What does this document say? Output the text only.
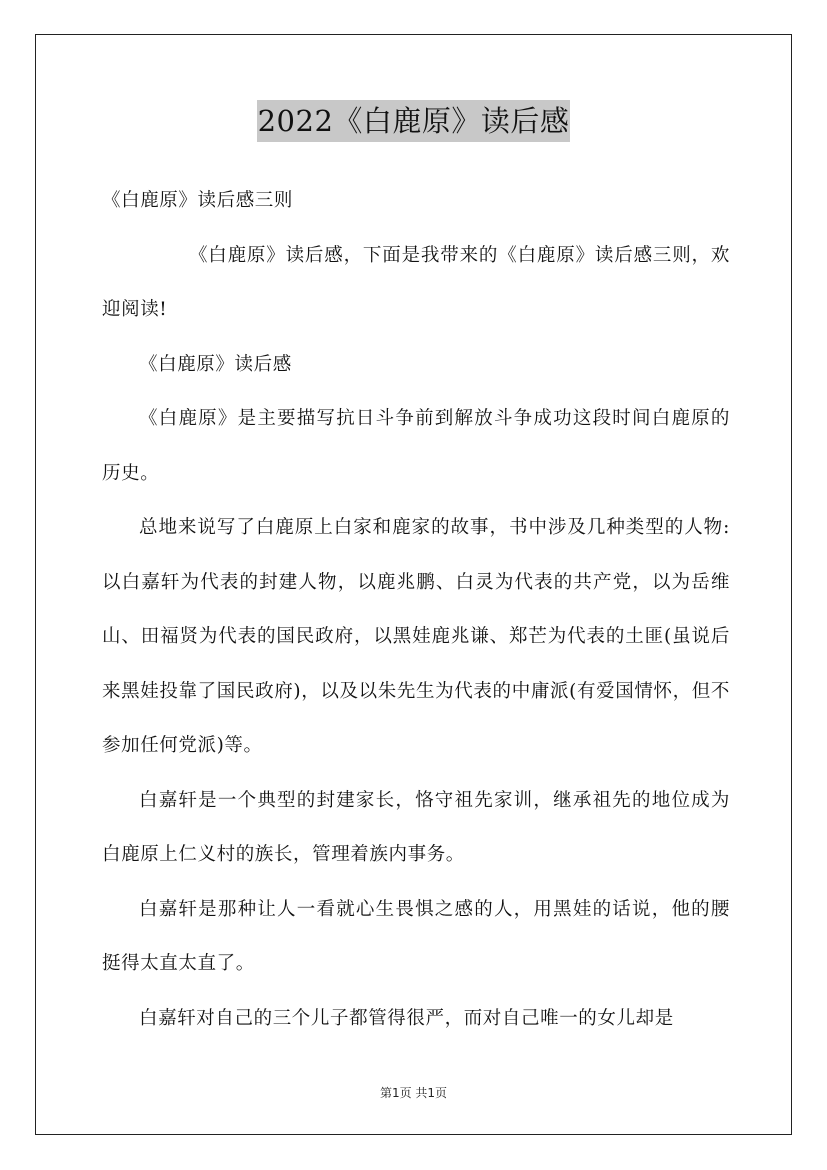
2022《白鹿原》读后感

《白鹿原》读后感三则

《白鹿原》读后感，下面是我带来的《白鹿原》读后感三则，欢迎阅读!

《白鹿原》读后感

《白鹿原》是主要描写抗日斗争前到解放斗争成功这段时间白鹿原的历史。

总地来说写了白鹿原上白家和鹿家的故事，书中涉及几种类型的人物:以白嘉轩为代表的封建人物，以鹿兆鹏、白灵为代表的共产党，以为岳维山、田福贤为代表的国民政府，以黑娃鹿兆谦、郑芒为代表的土匪(虽说后来黑娃投靠了国民政府)，以及以朱先生为代表的中庸派(有爱国情怀，但不参加任何党派)等。

白嘉轩是一个典型的封建家长，恪守祖先家训，继承祖先的地位成为白鹿原上仁义村的族长，管理着族内事务。

白嘉轩是那种让人一看就心生畏惧之感的人，用黑娃的话说，他的腰挺得太直太直了。

白嘉轩对自己的三个儿子都管得很严，而对自己唯一的女儿却是

第1页 共1页
